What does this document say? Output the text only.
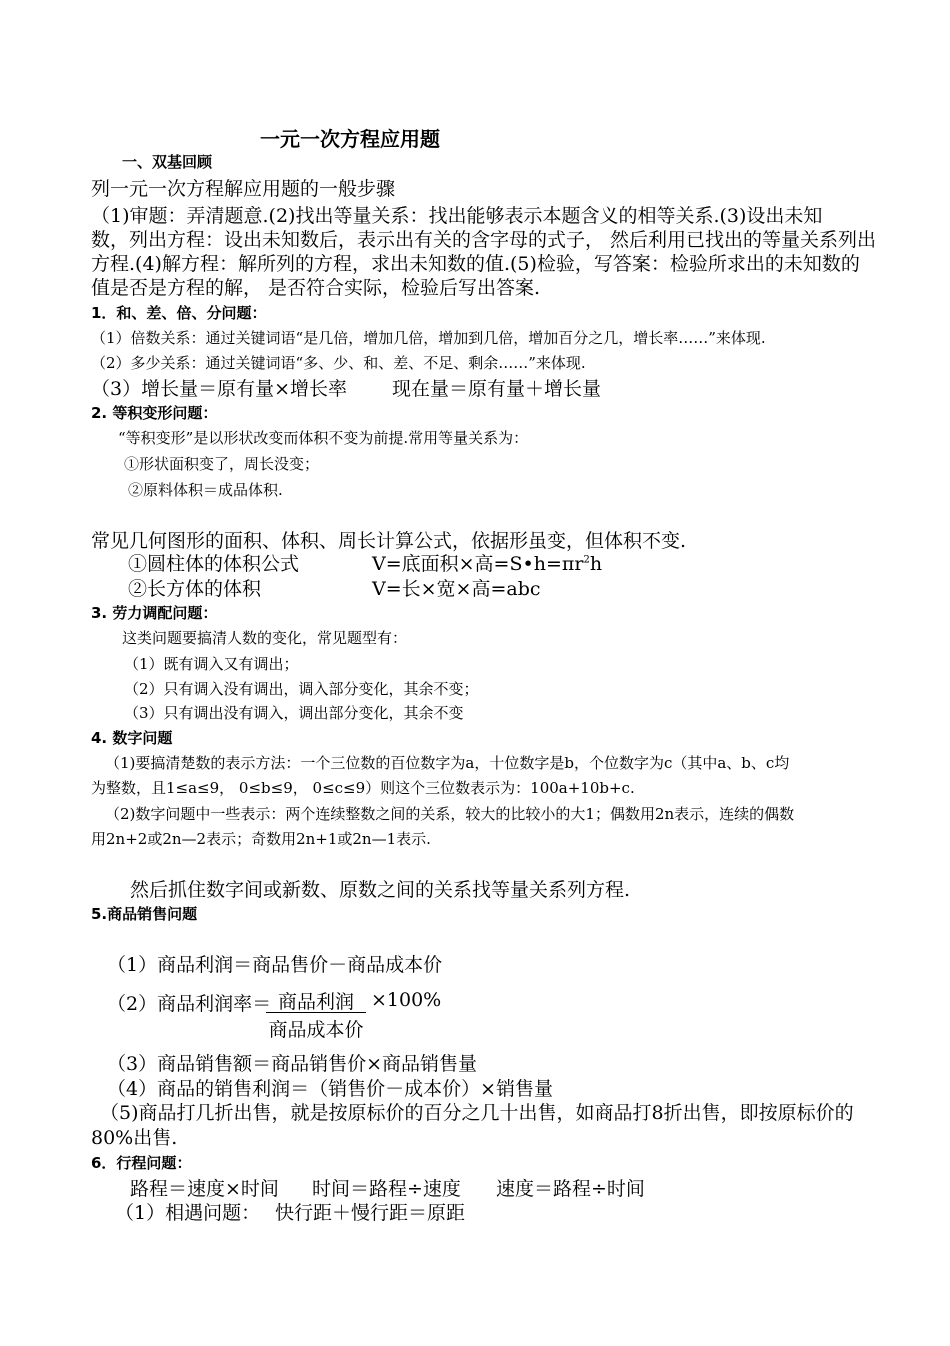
一元一次方程应用题
一、双基回顾
列一元一次方程解应用题的一般步骤
（1)审题：弄清题意.(2)找出等量关系：找出能够表示本题含义的相等关系.(3)设出未知
数，列出方程：设出未知数后，表示出有关的含字母的式子， 然后利用已找出的等量关系列出
方程.(4)解方程：解所列的方程，求出未知数的值.(5)检验，写答案：检验所求出的未知数的
值是否是方程的解， 是否符合实际，检验后写出答案.
1．和、差、倍、分问题：
（1）倍数关系：通过关键词语“是几倍，增加几倍，增加到几倍，增加百分之几，增长率……”来体现.
（2）多少关系：通过关键词语“多、少、和、差、不足、剩余……”来体现.
（3）增长量＝原有量×增长率 现在量＝原有量＋增长量
2. 等积变形问题：
“等积变形”是以形状改变而体积不变为前提.常用等量关系为：
①形状面积变了，周长没变；
②原料体积＝成品体积.
常见几何图形的面积、体积、周长计算公式，依据形虽变，但体积不变.
①圆柱体的体积公式	V=底面积×高$=S•h=\pi r^2h$
②长方体的体积	V=长×宽×高=abc
3. 劳力调配问题：
这类问题要搞清人数的变化，常见题型有：
（1）既有调入又有调出；
（2）只有调入没有调出，调入部分变化，其余不变；
（3）只有调出没有调入，调出部分变化，其余不变
4. 数字问题
（1)要搞清楚数的表示方法：一个三位数的百位数字为a，十位数字是b，个位数字为c（其中a、b、c均
为整数，且1≤a≤9， 0≤b≤9， 0≤c≤9）则这个三位数表示为：100a+10b+c.
（2)数字问题中一些表示：两个连续整数之间的关系，较大的比较小的大1；偶数用2n表示，连续的偶数
用2n+2或2n—2表示；奇数用2n+1或2n—1表示.
然后抓住数字间或新数、原数之间的关系找等量关系列方程.
5.商品销售问题
（1）商品利润＝商品售价－商品成本价
（2）商品利润率＝ 商品利润
商品成本价
×100%
（3）商品销售额＝商品销售价×商品销售量
（4）商品的销售利润＝（销售价－成本价）×销售量
（5)商品打几折出售，就是按原标价的百分之几十出售，如商品打8折出售，即按原标价的
80%出售.
6．行程问题：
路程＝速度×时间 时间＝路程÷速度 速度＝路程÷时间
（1）相遇问题： 快行距＋慢行距＝原距
